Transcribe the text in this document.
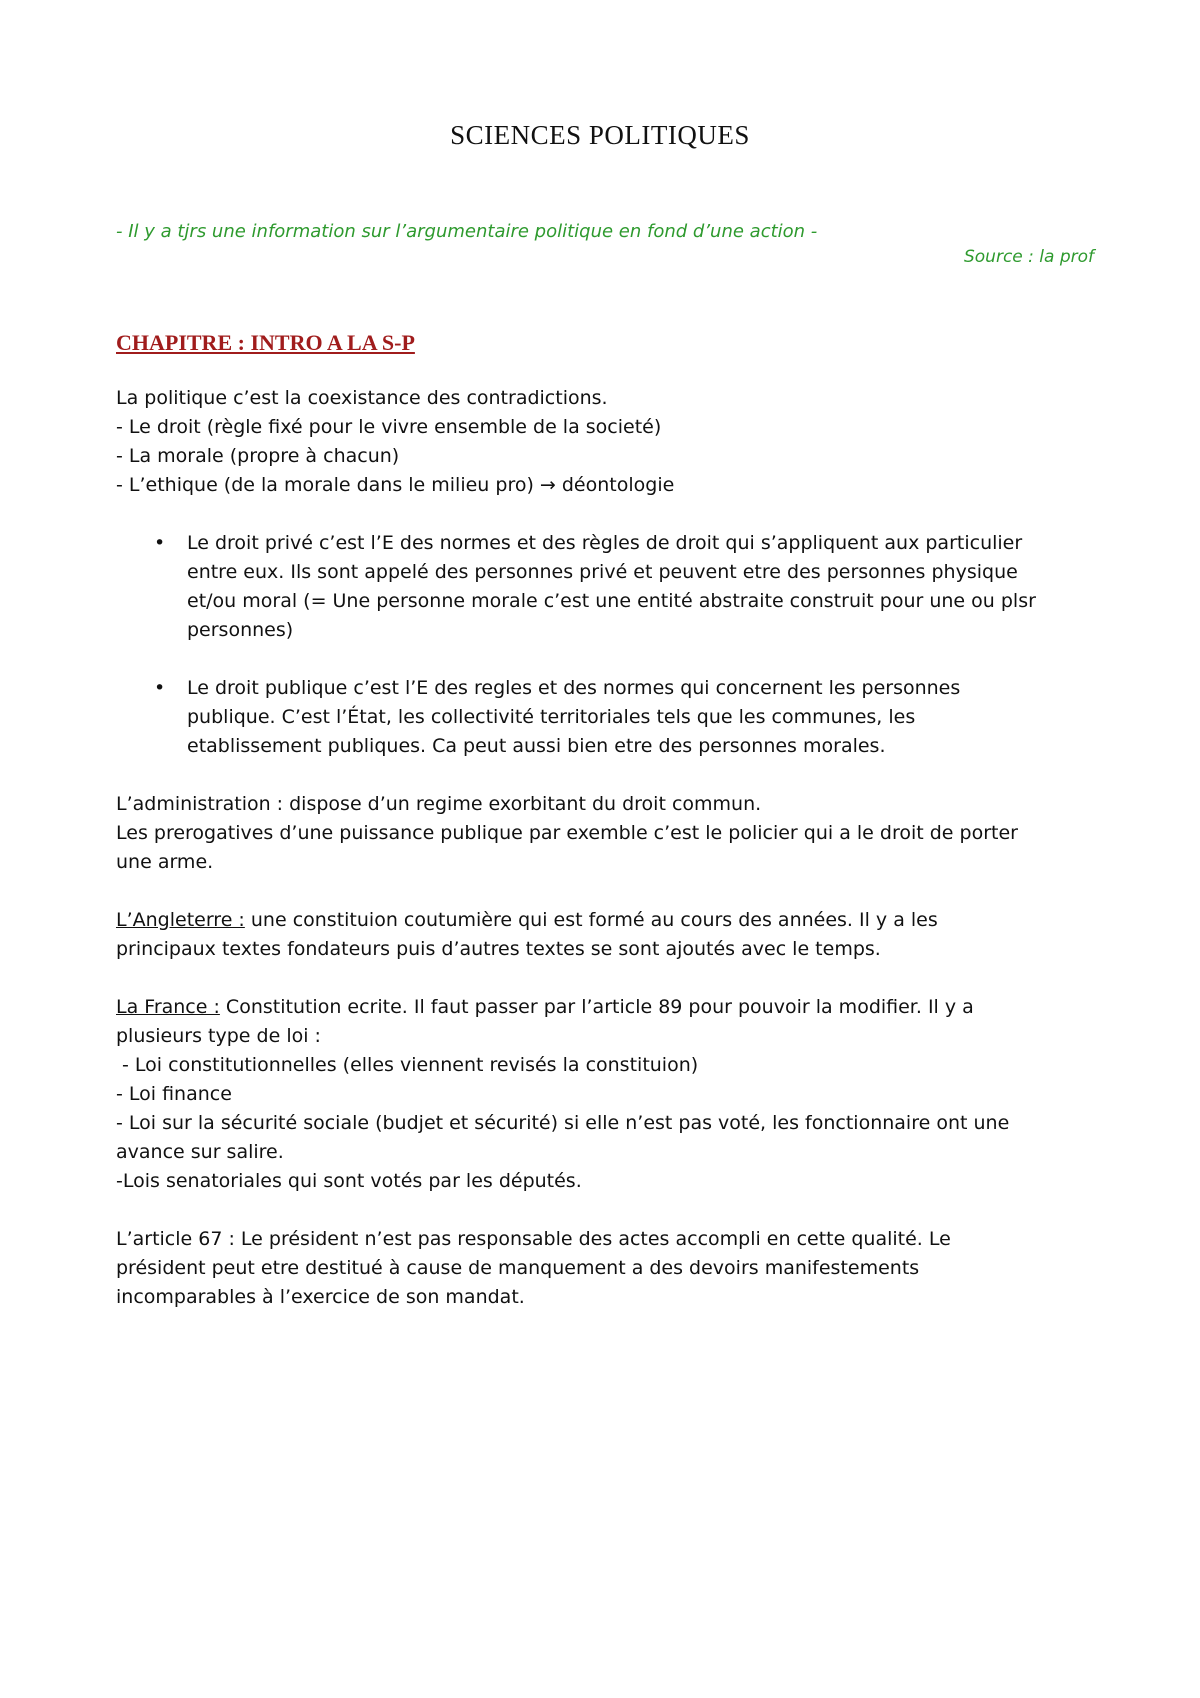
SCIENCES POLITIQUES
- Il y a tjrs une information sur l’argumentaire politique en fond d’une action -
Source : la prof
CHAPITRE : INTRO A LA S-P
La politique c’est la coexistance des contradictions.
- Le droit (règle fixé pour le vivre ensemble de la societé)
- La morale (propre à chacun)
- L’ethique (de la morale dans le milieu pro) → déontologie
• Le droit privé c’est l’E des normes et des règles de droit qui s’appliquent aux particulier
entre eux. Ils sont appelé des personnes privé et peuvent etre des personnes physique
et/ou moral (= Une personne morale c’est une entité abstraite construit pour une ou plsr
personnes)
• Le droit publique c’est l’E des regles et des normes qui concernent les personnes
publique. C’est l’État, les collectivité territoriales tels que les communes, les
etablissement publiques. Ca peut aussi bien etre des personnes morales.
L’administration : dispose d’un regime exorbitant du droit commun.
Les prerogatives d’une puissance publique par exemble c’est le policier qui a le droit de porter
une arme.
L’Angleterre : une constituion coutumière qui est formé au cours des années. Il y a les
principaux textes fondateurs puis d’autres textes se sont ajoutés avec le temps.
La France : Constitution ecrite. Il faut passer par l’article 89 pour pouvoir la modifier. Il y a
plusieurs type de loi :
- Loi constitutionnelles (elles viennent revisés la constituion)
- Loi finance
- Loi sur la sécurité sociale (budjet et sécurité) si elle n’est pas voté, les fonctionnaire ont une
avance sur salire.
-Lois senatoriales qui sont votés par les députés.
L’article 67 : Le président n’est pas responsable des actes accompli en cette qualité. Le
président peut etre destitué à cause de manquement a des devoirs manifestements
incomparables à l’exercice de son mandat.
